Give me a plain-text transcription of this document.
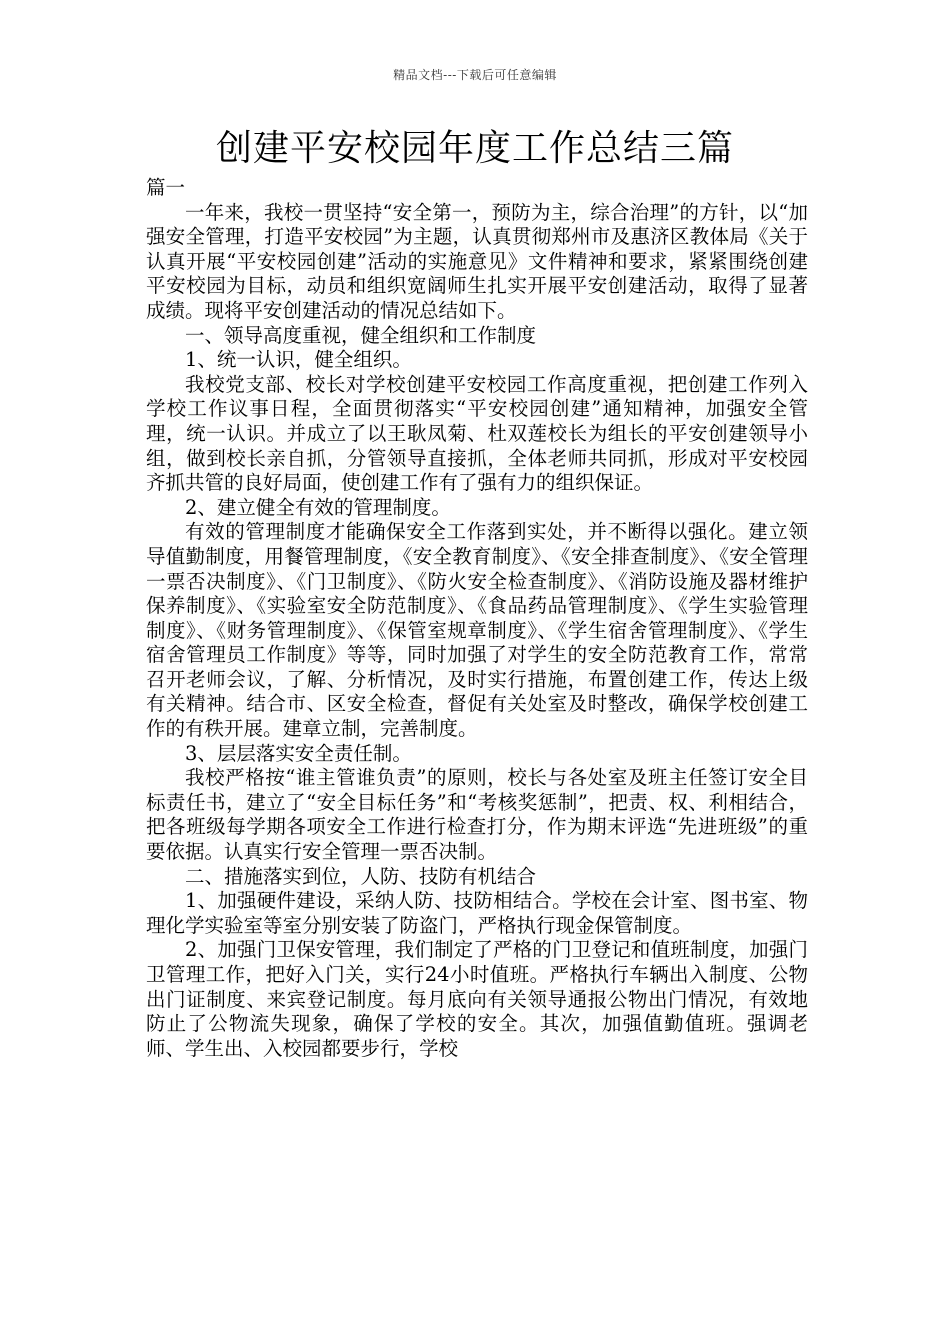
精品文档---下载后可任意编辑
创建平安校园年度工作总结三篇

篇一

一年来，我校一贯坚持“安全第一，预防为主，综合治理”的方针，以“加强安全管理，打造平安校园”为主题，认真贯彻郑州市及惠济区教体局《关于认真开展“平安校园创建”活动的实施意见》文件精神和要求，紧紧围绕创建平安校园为目标，动员和组织宽阔师生扎实开展平安创建活动，取得了显著成绩。现将平安创建活动的情况总结如下。

一、领导高度重视，健全组织和工作制度

1、统一认识，健全组织。

我校党支部、校长对学校创建平安校园工作高度重视，把创建工作列入学校工作议事日程，全面贯彻落实“平安校园创建”通知精神，加强安全管理，统一认识。并成立了以王耿凤菊、杜双莲校长为组长的平安创建领导小组，做到校长亲自抓，分管领导直接抓，全体老师共同抓，形成对平安校园齐抓共管的良好局面，使创建工作有了强有力的组织保证。

2、建立健全有效的管理制度。

有效的管理制度才能确保安全工作落到实处，并不断得以强化。建立领导值勤制度，用餐管理制度，《安全教育制度》、《安全排查制度》、《安全管理一票否决制度》、《门卫制度》、《防火安全检查制度》、《消防设施及器材维护保养制度》、《实验室安全防范制度》、《食品药品管理制度》、《学生实验管理制度》、《财务管理制度》、《保管室规章制度》、《学生宿舍管理制度》、《学生宿舍管理员工作制度》等等，同时加强了对学生的安全防范教育工作，常常召开老师会议，了解、分析情况，及时实行措施，布置创建工作，传达上级有关精神。结合市、区安全检查，督促有关处室及时整改，确保学校创建工作的有秩开展。建章立制，完善制度。

3、层层落实安全责任制。

我校严格按“谁主管谁负责”的原则，校长与各处室及班主任签订安全目标责任书，建立了“安全目标任务”和“考核奖惩制”，把责、权、利相结合，把各班级每学期各项安全工作进行检查打分，作为期末评选“先进班级”的重要依据。认真实行安全管理一票否决制。

二、措施落实到位，人防、技防有机结合

1、加强硬件建设，采纳人防、技防相结合。学校在会计室、图书室、物理化学实验室等室分别安装了防盗门，严格执行现金保管制度。

2、加强门卫保安管理，我们制定了严格的门卫登记和值班制度，加强门卫管理工作，把好入门关，实行24小时值班。严格执行车辆出入制度、公物出门证制度、来宾登记制度。每月底向有关领导通报公物出门情况，有效地防止了公物流失现象，确保了学校的安全。其次，加强值勤值班。强调老师、学生出、入校园都要步行，学校
